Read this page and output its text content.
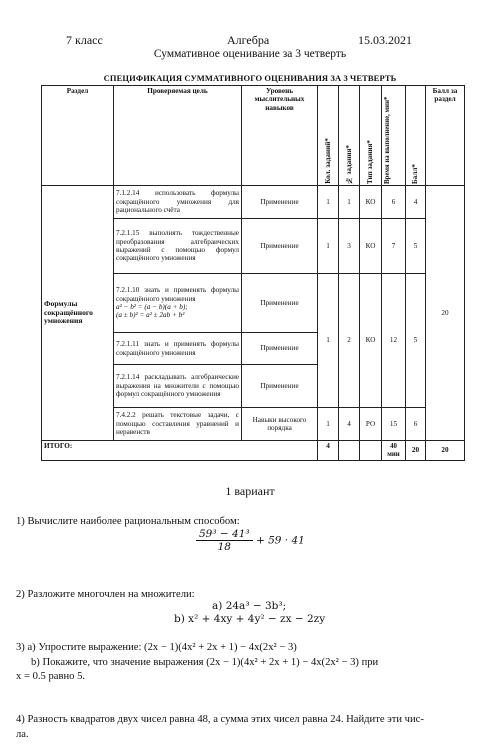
7 класс	Алгебра	15.03.2021
Суммативное оценивание за 3 четверть
СПЕЦИФИКАЦИЯ СУММАТИВНОГО ОЦЕНИВАНИЯ ЗА 3 ЧЕТВЕРТЬ
Раздел	Проверяемая цель	Уровень мыслительных навыков	Кол. заданий*	№ задания*	Тип задания*	Время на выполнение, мин*	Балл*	Балл за раздел
Формулы сокращённого умножения	7.1.2.14 использовать формулы сокращённого умножения для рационального счёта	Применение	1	1	КО	6	4	20
	7.2.1.15 выполнять тождественные преобразования алгебраических выражений с помощью формул сокращённого умножения	Применение	1	3	КО	7	5	
	7.2.1.10 знать и применять формулы сокращённого умножения
a² − b² = (a − b)(a + b);
(a ± b)² = a² ± 2ab + b²	Применение	1	2	КО	12	5	
	7.2.1.11 знать и применять формулы сокращённого умножения	Применение						
	7.2.1.14 раскладывать алгебраические выражения на множители с помощью формул сокращённого умножения	Применение						
	7.4.2.2 решать текстовые задачи, с помощью составления уравнений и неравенств	Навыки высокого порядка	1	4	РО	15	6	
ИТОГО:			4			40 мин	20	20
1 вариант
1) Вычислите наиболее рациональным способом:
$\frac{\text{59³ − 41³}}{18} + 59 \cdot 41$
2) Разложите многочлен на множители:
а) 24a³ − 3b³;
b) x² + 4xy + 4y² − zx − 2zy
3) а) Упростите выражение: (2x − 1)(4x² + 2x + 1) − 4x(2x² − 3)
b) Покажите, что значение выражения (2x − 1)(4x² + 2x + 1) − 4x(2x² − 3) при
x = 0.5 равно 5.
4) Разность квадратов двух чисел равна 48, а сумма этих чисел равна 24. Найдите эти чис-
ла.
